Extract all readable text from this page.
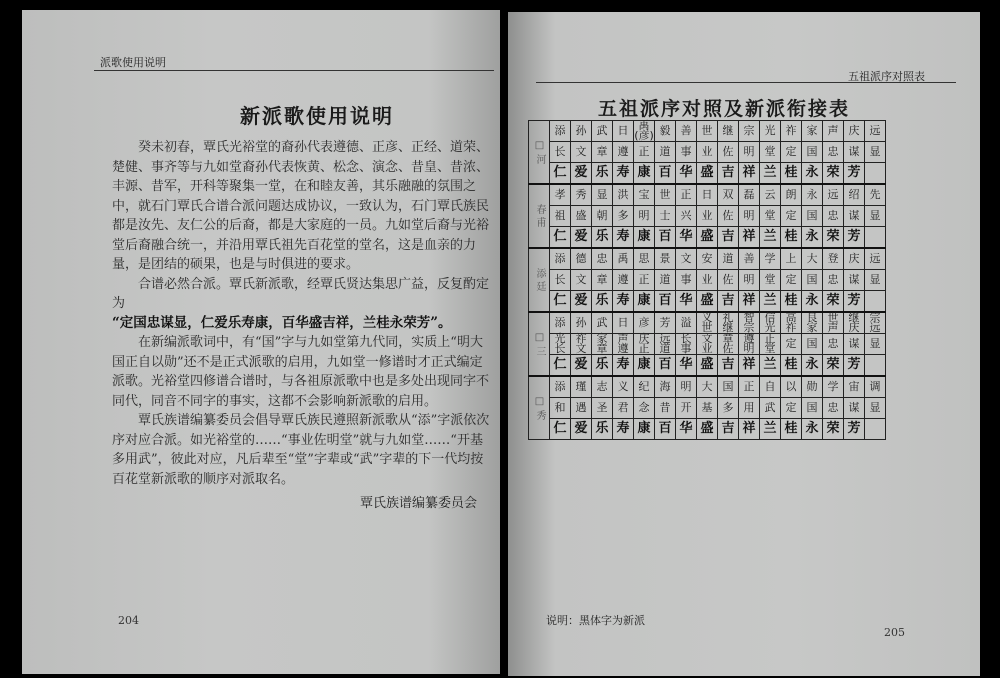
派歌使用说明
新派歌使用说明

癸未初春，覃氏光裕堂的裔孙代表遵德、正彦、正经、道荣、楚健、事齐等与九如堂裔孙代表恢黄、松念、演念、昔皇、昔浓、丰源、昔军，开科等聚集一堂，在和睦友善，其乐融融的氛围之中，就石门覃氏合谱合派问题达成协议，一致认为，石门覃氏族民都是汝先、友仁公的后裔，都是大家庭的一员。九如堂后裔与光裕堂后裔融合统一，并沿用覃氏祖先百花堂的堂名，这是血亲的力量，是团结的硕果，也是与时俱进的要求。

合谱必然合派。覃氏新派歌，经覃氏贤达集思广益，反复酌定为

“定国忠谋显，仁爱乐寿康，百华盛吉祥，兰桂永荣芳”。

在新编派歌词中，有“国”字与九如堂第九代同，实质上“明大国正自以勋”还不是正式派歌的启用，九如堂一修谱时才正式编定派歌。光裕堂四修谱合谱时，与各祖原派歌中也是多处出现同字不同代，同音不同字的事实，这都不会影响新派歌的启用。

覃氏族谱编纂委员会倡导覃氏族民遵照新派歌从“添”字派依次序对应合派。如光裕堂的……“事业佐明堂”就与九如堂……“开基多用武”，彼此对应，凡后辈至“堂”字辈或“武”字辈的下一代均按百花堂新派歌的顺序对派取名。

覃氏族谱编纂委员会
204
五祖派序对照表
五祖派序对照及新派衔接表
□ 河	添	孙	武	日	禹(彦)	毅	善	世	继	宗	光	祚	家	声	庆	远
	长	文	章	遵	正	道	事	业	佐	明	堂	定	国	忠	谋	显
	仁	爱	乐	寿	康	百	华	盛	吉	祥	兰	桂	永	荣	芳	
春 甫	孝	秀	显	洪	宝	世	正	日	双	磊	云	朗	永	远	绍	先
	祖	盛	朝	多	明	士	兴	业	佐	明	堂	定	国	忠	谋	显
	仁	爱	乐	寿	康	百	华	盛	吉	祥	兰	桂	永	荣	芳	
添 廷	添	德	忠	禹	思	景	文	安	道	善	学	上	大	登	庆	远
	长	文	章	遵	正	道	事	业	佐	明	堂	定	国	忠	谋	显
	仁	爱	乐	寿	康	百	华	盛	吉	祥	兰	桂	永	荣	芳	
□ 三	添	孙	武	日	彦	芳	溢	义世	礼继	智宗	信光	高祚	良家	世声	继庆	宗远
	光长	祚文	家章	声遵	庆正	远道	长事	文业	章佐	遵明	正堂	定	国	忠	谋	显
	仁	爱	乐	寿	康	百	华	盛	吉	祥	兰	桂	永	荣	芳	
□ 秀	添	瑾	志	义	纪	海	明	大	国	正	自	以	勋	学	宙	调
	和	遇	圣	君	念	昔	开	基	多	用	武	定	国	忠	谋	显
	仁	爱	乐	寿	康	百	华	盛	吉	祥	兰	桂	永	荣	芳	
说明：黑体字为新派
205
